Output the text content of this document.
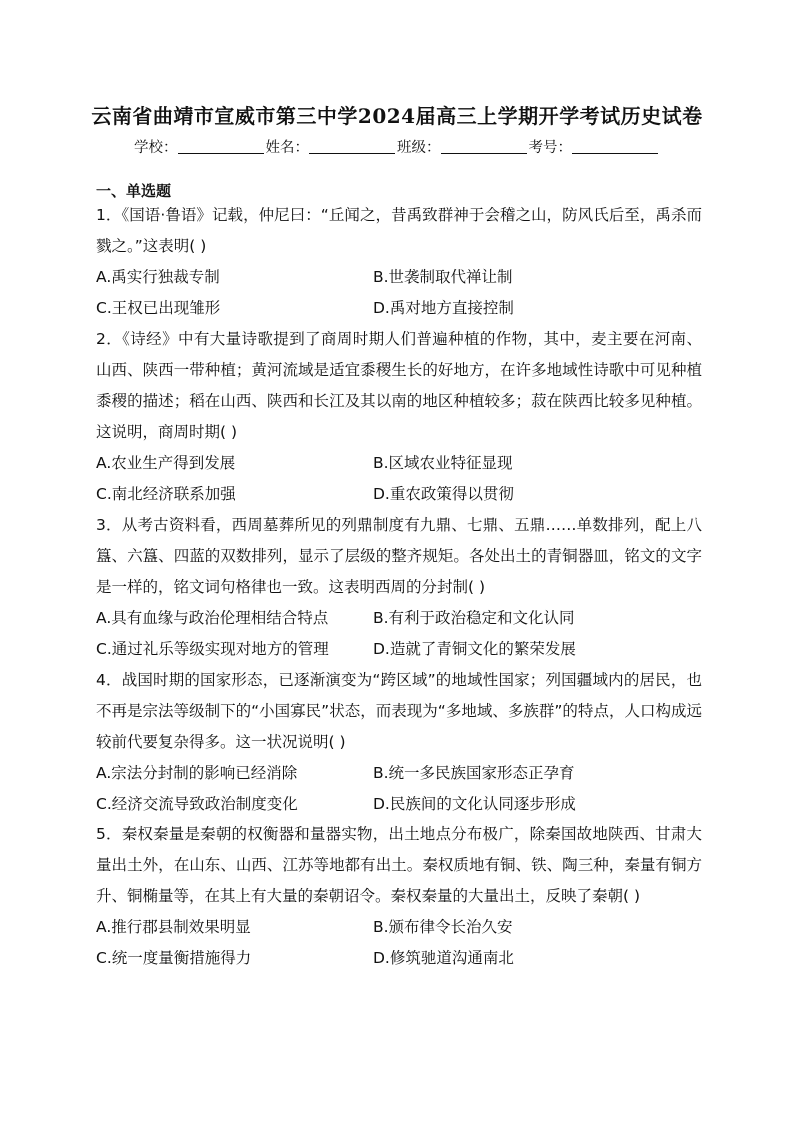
云南省曲靖市宣威市第三中学2024届高三上学期开学考试历史试卷
学校：	姓名：	班级：	考号：
一、单选题

1．《国语·鲁语》记载，仲尼曰：“丘闻之，昔禹致群神于会稽之山，防风氏后至，禹杀而戮之。”这表明( )

A.禹实行独裁专制	B.世袭制取代禅让制
C.王权已出现雏形	D.禹对地方直接控制

2．《诗经》中有大量诗歌提到了商周时期人们普遍种植的作物，其中，麦主要在河南、山西、陕西一带种植；黄河流域是适宜黍稷生长的好地方，在许多地域性诗歌中可见种植黍稷的描述；稻在山西、陕西和长江及其以南的地区种植较多；菽在陕西比较多见种植。这说明，商周时期( )

A.农业生产得到发展	B.区域农业特征显现
C.南北经济联系加强	D.重农政策得以贯彻

3．从考古资料看，西周墓葬所见的列鼎制度有九鼎、七鼎、五鼎……单数排列，配上八簋、六簋、四蓝的双数排列，显示了层级的整齐规矩。各处出土的青铜器皿，铭文的文字是一样的，铭文词句格律也一致。这表明西周的分封制( )

A.具有血缘与政治伦理相结合特点	B.有利于政治稳定和文化认同
C.通过礼乐等级实现对地方的管理	D.造就了青铜文化的繁荣发展

4．战国时期的国家形态，已逐渐演变为“跨区域”的地域性国家；列国疆域内的居民，也不再是宗法等级制下的“小国寡民”状态，而表现为“多地域、多族群”的特点，人口构成远较前代要复杂得多。这一状况说明( )

A.宗法分封制的影响已经消除	B.统一多民族国家形态正孕育
C.经济交流导致政治制度变化	D.民族间的文化认同逐步形成

5．秦权秦量是秦朝的权衡器和量器实物，出土地点分布极广，除秦国故地陕西、甘肃大量出土外，在山东、山西、江苏等地都有出土。秦权质地有铜、铁、陶三种，秦量有铜方升、铜椭量等，在其上有大量的秦朝诏令。秦权秦量的大量出土，反映了秦朝( )

A.推行郡县制效果明显	B.颁布律令长治久安
C.统一度量衡措施得力	D.修筑驰道沟通南北
